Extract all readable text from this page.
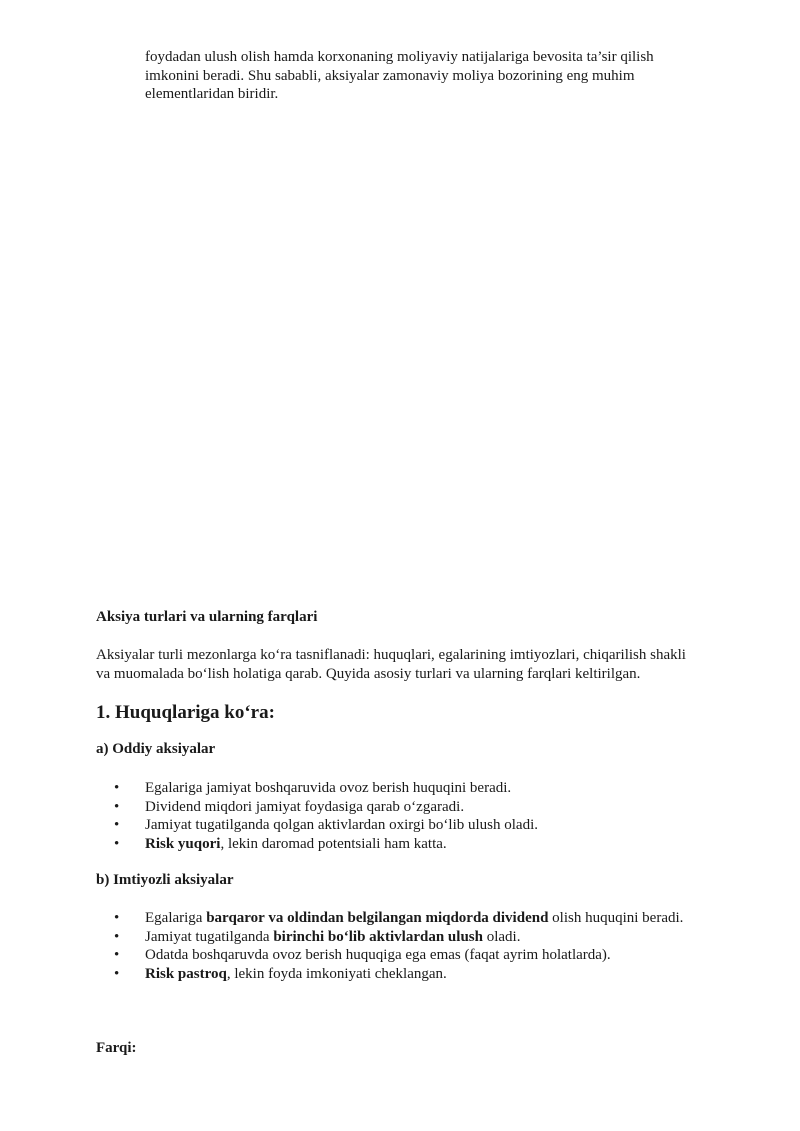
foydadan ulush olish hamda korxonaning moliyaviy natijalariga bevosita ta’sir qilish
imkonini beradi. Shu sababli, aksiyalar zamonaviy moliya bozorining eng muhim
elementlaridan biridir.
Aksiya turlari va ularning farqlari
Aksiyalar turli mezonlarga ko‘ra tasniflanadi: huquqlari, egalarining imtiyozlari, chiqarilish shakli
va muomalada bo‘lish holatiga qarab. Quyida asosiy turlari va ularning farqlari keltirilgan.
1. Huquqlariga ko‘ra:
a) Oddiy aksiyalar
• Egalariga jamiyat boshqaruvida ovoz berish huquqini beradi.
• Dividend miqdori jamiyat foydasiga qarab o‘zgaradi.
• Jamiyat tugatilganda qolgan aktivlardan oxirgi bo‘lib ulush oladi.
• Risk yuqori, lekin daromad potentsiali ham katta.
b) Imtiyozli aksiyalar
• Egalariga barqaror va oldindan belgilangan miqdorda dividend olish huquqini beradi.
• Jamiyat tugatilganda birinchi bo‘lib aktivlardan ulush oladi.
• Odatda boshqaruvda ovoz berish huquqiga ega emas (faqat ayrim holatlarda).
• Risk pastroq, lekin foyda imkoniyati cheklangan.
Farqi:
